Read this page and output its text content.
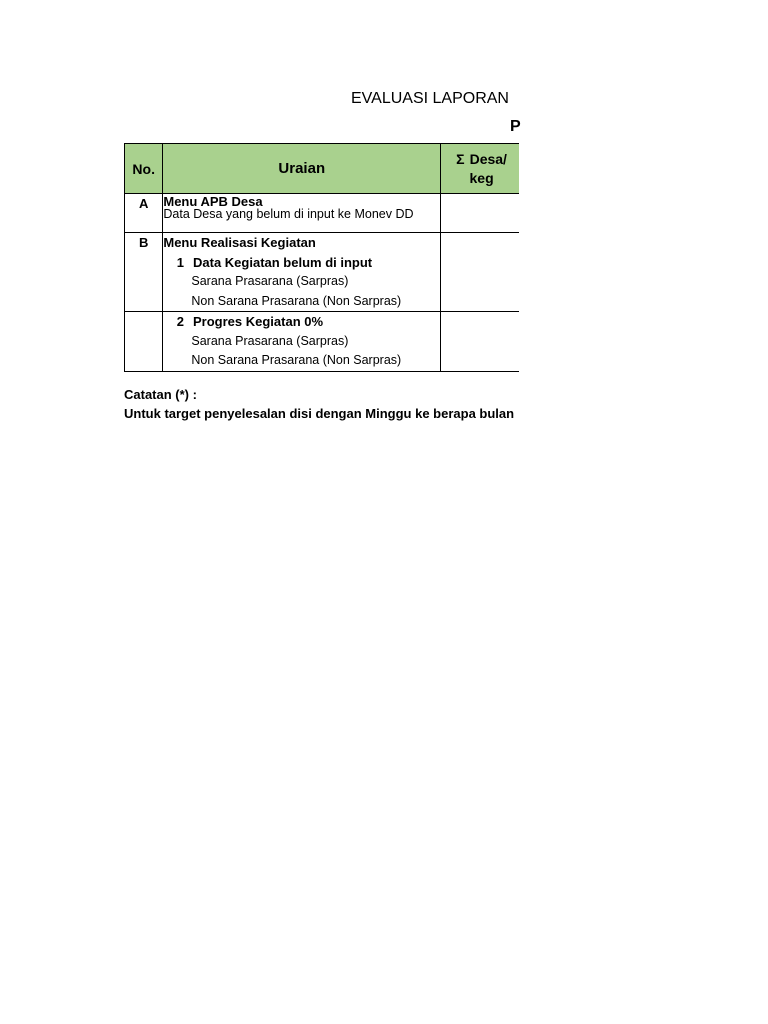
EVALUASI LAPORAN
P
No.	Uraian	Σ Desa/
keg	

A	Menu APB Desa
Data Desa yang belum di input ke Monev DD		

B	Menu Realisasi Kegiatan
1 Data Kegiatan belum di input
Sarana Prasarana (Sarpras)
Non Sarana Prasarana (Non Sarpras)		

	2 Progres Kegiatan 0%
Sarana Prasarana (Sarpras)
Non Sarana Prasarana (Non Sarpras)		

Catatan (*) :
Untuk target penyelesalan disi dengan Minggu ke berapa bulan
